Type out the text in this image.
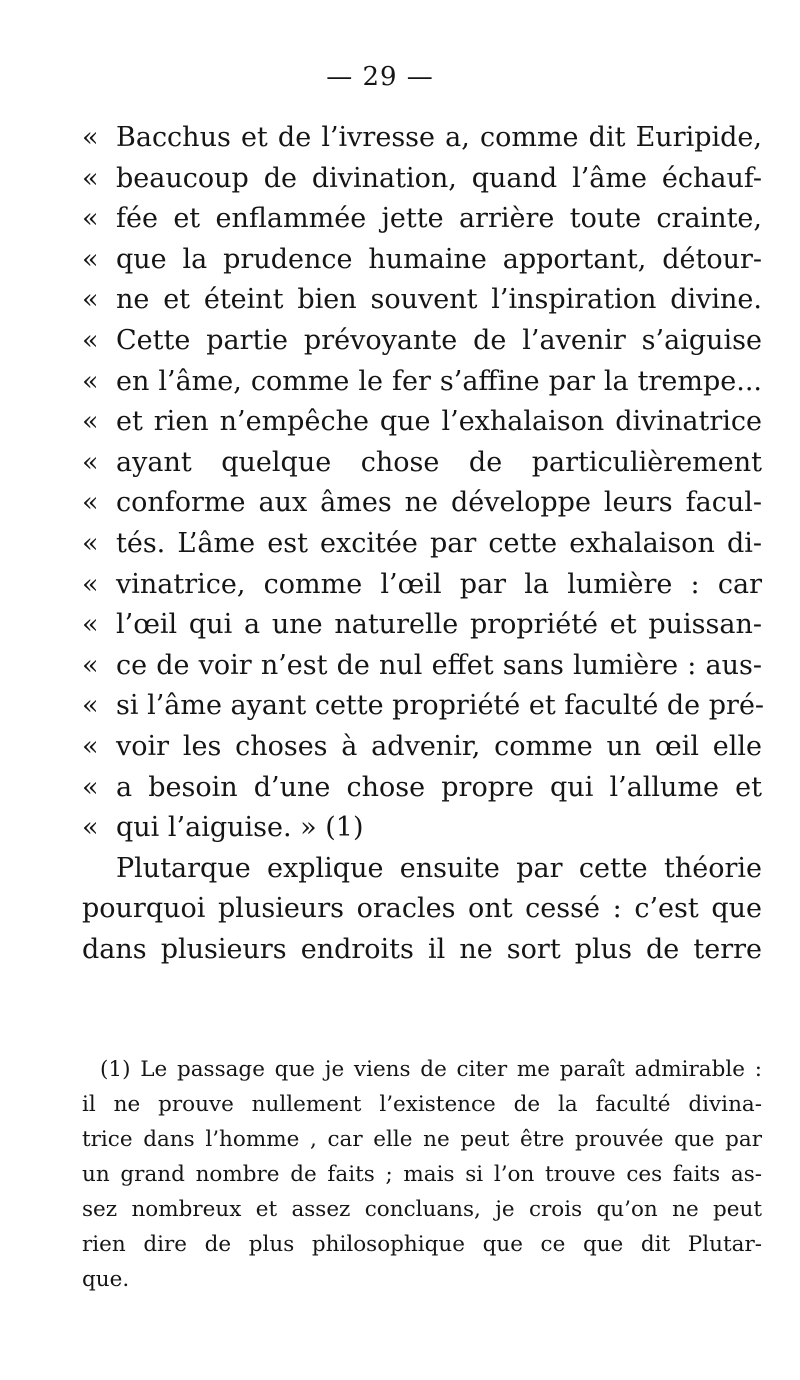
— 29 —
« Bacchus et de l’ivresse a, comme dit Euripide,
« beaucoup de divination, quand l’âme échauf-
« fée et enflammée jette arrière toute crainte,
« que la prudence humaine apportant, détour-
« ne et éteint bien souvent l’inspiration divine.
« Cette partie prévoyante de l’avenir s’aiguise
« en l’âme, comme le fer s’affine par la trempe...
« et rien n’empêche que l’exhalaison divinatrice
« ayant quelque chose de particulièrement
« conforme aux âmes ne développe leurs facul-
« tés. L’âme est excitée par cette exhalaison di-
« vinatrice, comme l’œil par la lumière : car
« l’œil qui a une naturelle propriété et puissan-
« ce de voir n’est de nul effet sans lumière : aus-
« si l’âme ayant cette propriété et faculté de pré-
« voir les choses à advenir, comme un œil elle
« a besoin d’une chose propre qui l’allume et
« qui l’aiguise. » (1)
Plutarque explique ensuite par cette théorie
pourquoi plusieurs oracles ont cessé : c’est que
dans plusieurs endroits il ne sort plus de terre
(1) Le passage que je viens de citer me paraît admirable :
il ne prouve nullement l’existence de la faculté divina-
trice dans l’homme , car elle ne peut être prouvée que par
un grand nombre de faits ; mais si l’on trouve ces faits as-
sez nombreux et assez concluans, je crois qu’on ne peut
rien dire de plus philosophique que ce que dit Plutar-
que.
